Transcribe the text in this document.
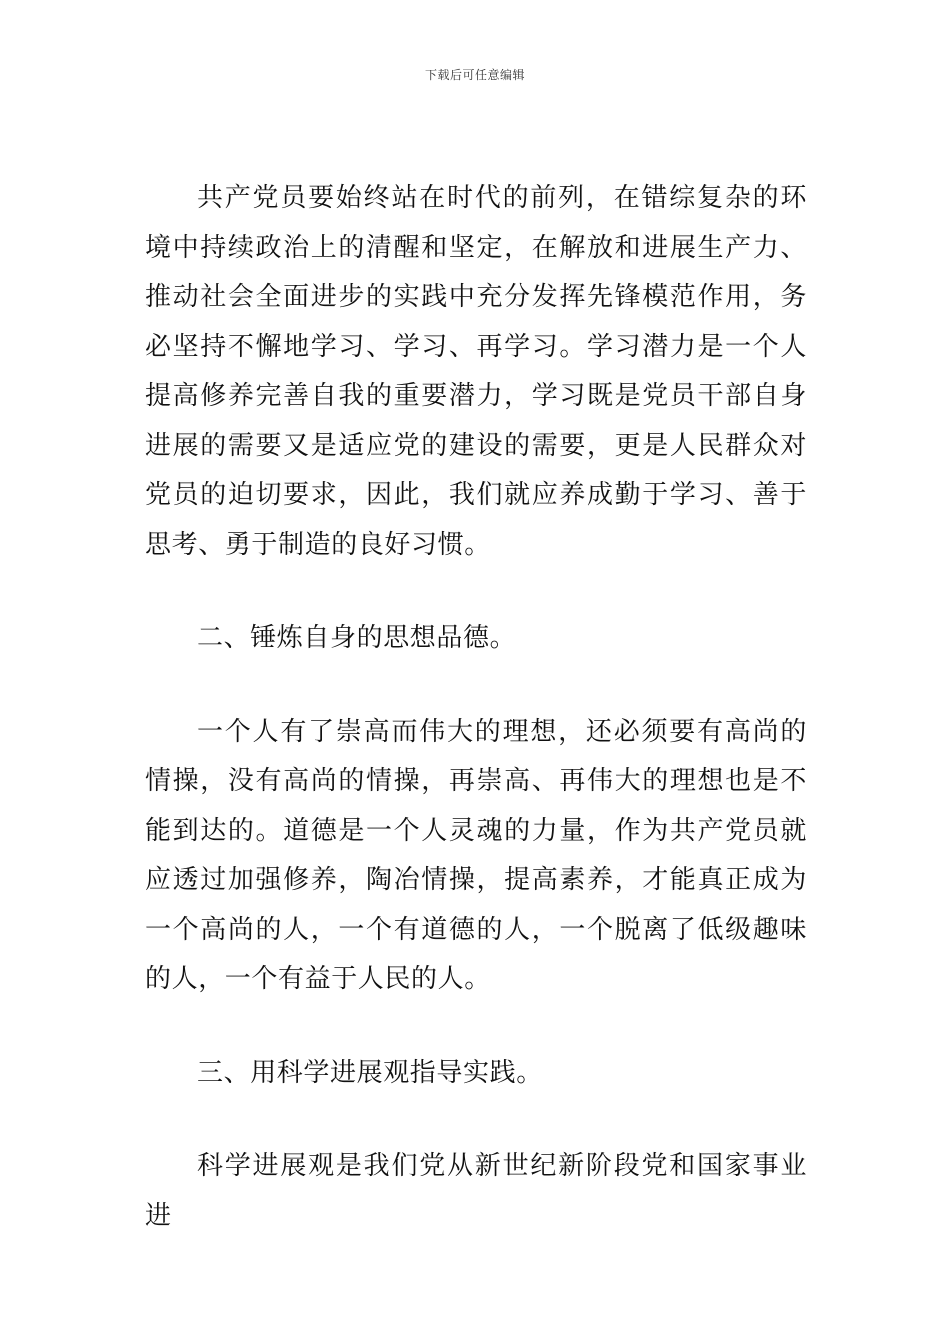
下载后可任意编辑

共产党员要始终站在时代的前列，在错综复杂的环境中持续政治上的清醒和坚定，在解放和进展生产力、推动社会全面进步的实践中充分发挥先锋模范作用，务必坚持不懈地学习、学习、再学习。学习潜力是一个人提高修养完善自我的重要潜力，学习既是党员干部自身进展的需要又是适应党的建设的需要，更是人民群众对党员的迫切要求，因此，我们就应养成勤于学习、善于思考、勇于制造的良好习惯。

二、锤炼自身的思想品德。

一个人有了崇高而伟大的理想，还必须要有高尚的情操，没有高尚的情操，再崇高、再伟大的理想也是不能到达的。道德是一个人灵魂的力量，作为共产党员就应透过加强修养，陶冶情操，提高素养，才能真正成为一个高尚的人，一个有道德的人，一个脱离了低级趣味的人，一个有益于人民的人。

三、用科学进展观指导实践。

科学进展观是我们党从新世纪新阶段党和国家事业进
